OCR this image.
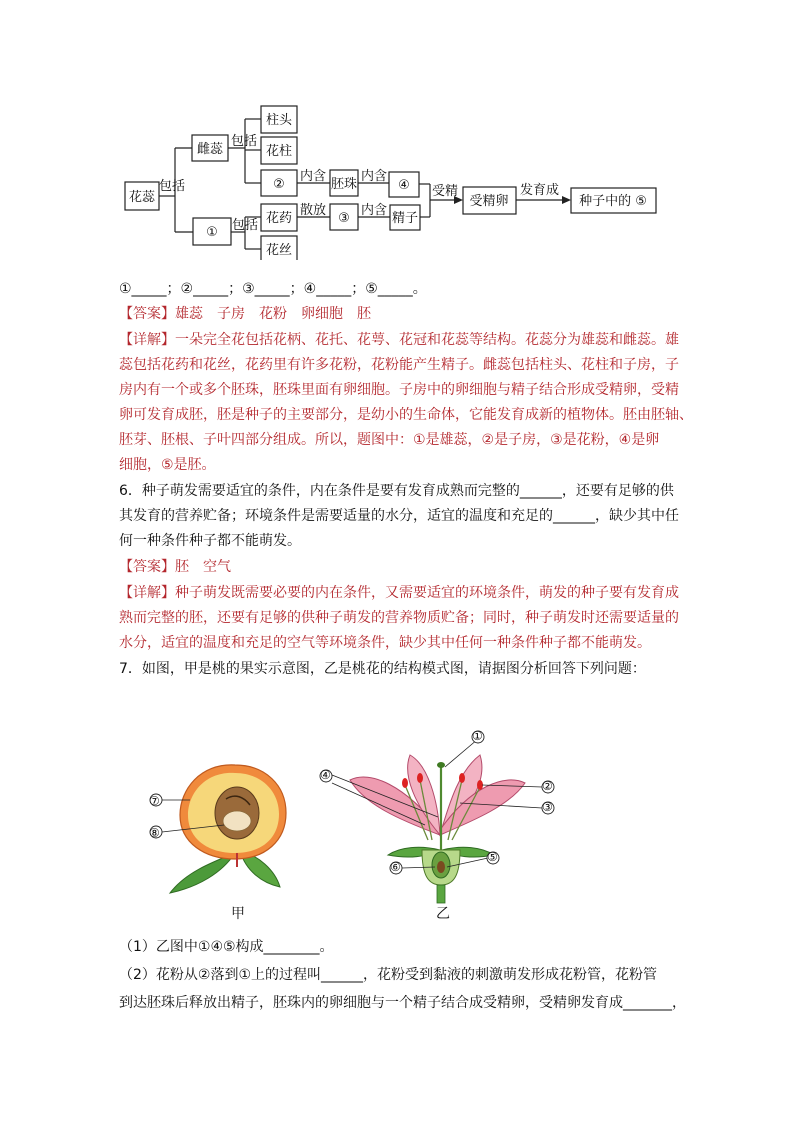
花蕊
雌蕊
柱头
花柱
②	胚珠	④
受精卵	种子中的 ⑤
①
花药	③	精子
花丝
包括
包括
包括
内含	内含
散放	内含
受精	发育成
①_____；②_____；③_____；④_____；⑤_____。
【答案】雄蕊　子房　花粉　卵细胞　胚
【详解】一朵完全花包括花柄、花托、花萼、花冠和花蕊等结构。花蕊分为雄蕊和雌蕊。雄
蕊包括花药和花丝，花药里有许多花粉，花粉能产生精子。雌蕊包括柱头、花柱和子房，子
房内有一个或多个胚珠，胚珠里面有卵细胞。子房中的卵细胞与精子结合形成受精卵，受精
卵可发育成胚，胚是种子的主要部分，是幼小的生命体，它能发育成新的植物体。胚由胚轴、
胚芽、胚根、子叶四部分组成。所以，题图中：①是雄蕊，②是子房，③是花粉，④是卵
细胞，⑤是胚。
6．种子萌发需要适宜的条件，内在条件是要有发育成熟而完整的______，还要有足够的供
其发育的营养贮备；环境条件是需要适量的水分，适宜的温度和充足的______，缺少其中任
何一种条件种子都不能萌发。
【答案】胚　空气
【详解】种子萌发既需要必要的内在条件，又需要适宜的环境条件，萌发的种子要有发育成
熟而完整的胚，还要有足够的供种子萌发的营养物质贮备；同时，种子萌发时还需要适量的
水分，适宜的温度和充足的空气等环境条件，缺少其中任何一种条件种子都不能萌发。
7．如图，甲是桃的果实示意图，乙是桃花的结构模式图，请据图分析回答下列问题：
⑦
⑧
甲
①
②
③
④
⑤
⑥
乙
（1）乙图中①④⑤构成________。
（2）花粉从②落到①上的过程叫______，花粉受到黏液的刺激萌发形成花粉管，花粉管
到达胚珠后释放出精子，胚珠内的卵细胞与一个精子结合成受精卵，受精卵发育成_______，
